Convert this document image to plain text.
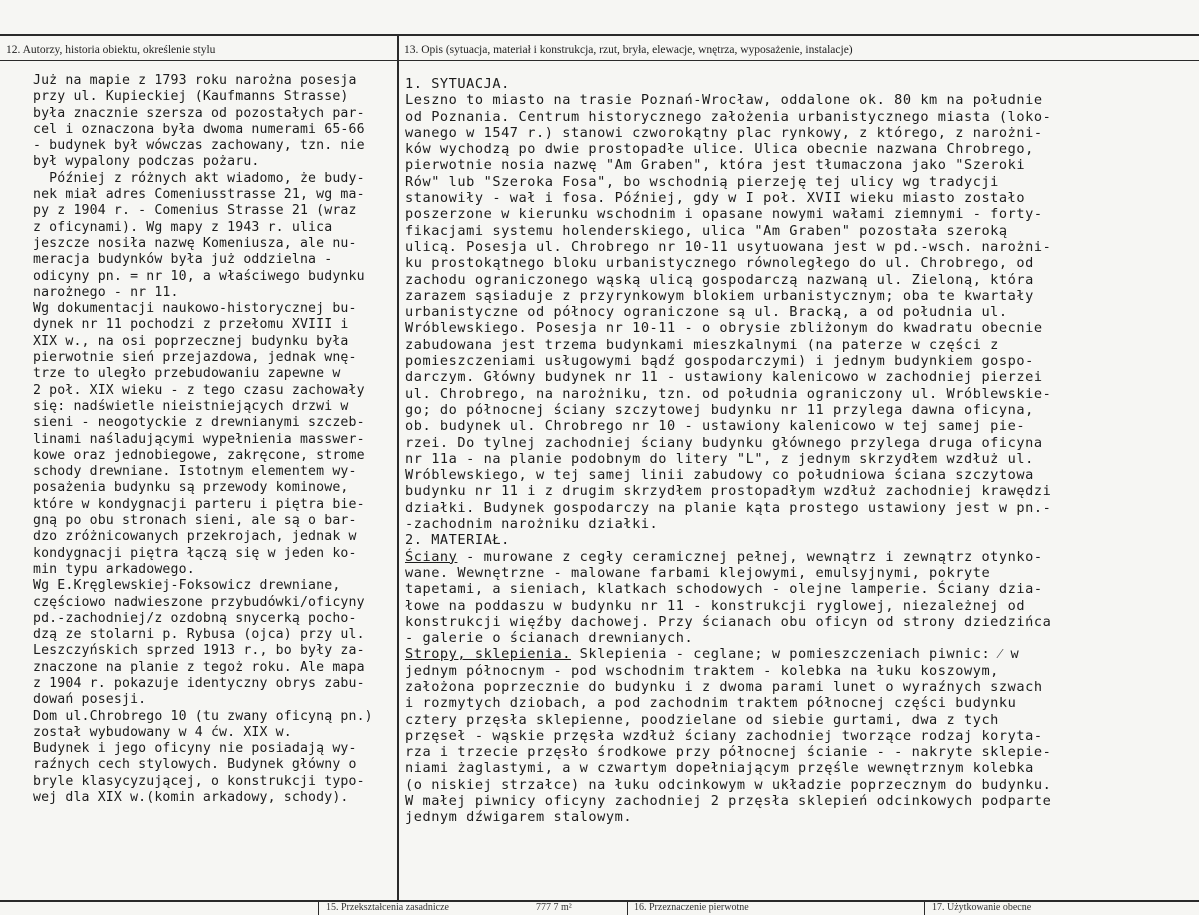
12. Autorzy, historia obiektu, określenie stylu	13. Opis (sytuacja, materiał i konstrukcja, rzut, bryła, elewacje, wnętrza, wyposażenie, instalacje)
Już na mapie z 1793 roku narożna posesja
przy ul. Kupieckiej (Kaufmanns Strasse)
była znacznie szersza od pozostałych par-
cel i oznaczona była dwoma numerami 65-66
- budynek był wówczas zachowany, tzn. nie
był wypalony podczas pożaru.
Później z różnych akt wiadomo, że budy-
nek miał adres Comeniusstrasse 21, wg ma-
py z 1904 r. - Comenius Strasse 21 (wraz
z oficynami). Wg mapy z 1943 r. ulica
jeszcze nosiła nazwę Komeniusza, ale nu-
meracja budynków była już oddzielna -
odicyny pn. = nr 10, a właściwego budynku
narożnego - nr 11.
Wg dokumentacji naukowo-historycznej bu-
dynek nr 11 pochodzi z przełomu XVIII i
XIX w., na osi poprzecznej budynku była
pierwotnie sień przejazdowa, jednak wnę-
trze to uległo przebudowaniu zapewne w
2 poł. XIX wieku - z tego czasu zachowały
się: nadświetle nieistniejących drzwi w
sieni - neogotyckie z drewnianymi szczeb-
linami naśladującymi wypełnienia masswer-
kowe oraz jednobiegowe, zakręcone, strome
schody drewniane. Istotnym elementem wy-
posażenia budynku są przewody kominowe,
które w kondygnacji parteru i piętra bie-
gną po obu stronach sieni, ale są o bar-
dzo zróżnicowanych przekrojach, jednak w
kondygnacji piętra łączą się w jeden ko-
min typu arkadowego.
Wg E.Kręglewskiej-Foksowicz drewniane,
częściowo nadwieszone przybudówki/oficyny
pd.-zachodniej/z ozdobną snycerką pocho-
dzą ze stolarni p. Rybusa (ojca) przy ul.
Leszczyńskich sprzed 1913 r., bo były za-
znaczone na planie z tegoż roku. Ale mapa
z 1904 r. pokazuje identyczny obrys zabu-
dowań posesji.
Dom ul.Chrobrego 10 (tu zwany oficyną pn.)
został wybudowany w 4 ćw. XIX w.
Budynek i jego oficyny nie posiadają wy-
raźnych cech stylowych. Budynek główny o
bryle klasycyzującej, o konstrukcji typo-
wej dla XIX w.(komin arkadowy, schody).
1. SYTUACJA.
Leszno to miasto na trasie Poznań-Wrocław, oddalone ok. 80 km na południe
od Poznania. Centrum historycznego założenia urbanistycznego miasta (loko-
wanego w 1547 r.) stanowi czworokątny plac rynkowy, z którego, z narożni-
ków wychodzą po dwie prostopadłe ulice. Ulica obecnie nazwana Chrobrego,
pierwotnie nosia nazwę "Am Graben", która jest tłumaczona jako "Szeroki
Rów" lub "Szeroka Fosa", bo wschodnią pierzeję tej ulicy wg tradycji
stanowiły - wał i fosa. Później, gdy w I poł. XVII wieku miasto zostało
poszerzone w kierunku wschodnim i opasane nowymi wałami ziemnymi - forty-
fikacjami systemu holenderskiego, ulica "Am Graben" pozostała szeroką
ulicą. Posesja ul. Chrobrego nr 10-11 usytuowana jest w pd.-wsch. narożni-
ku prostokątnego bloku urbanistycznego równoległego do ul. Chrobrego, od
zachodu ograniczonego wąską ulicą gospodarczą nazwaną ul. Zieloną, która
zarazem sąsiaduje z przyrynkowym blokiem urbanistycznym; oba te kwartały
urbanistyczne od północy ograniczone są ul. Bracką, a od południa ul.
Wróblewskiego. Posesja nr 10-11 - o obrysie zbliżonym do kwadratu obecnie
zabudowana jest trzema budynkami mieszkalnymi (na paterze w części z
pomieszczeniami usługowymi bądź gospodarczymi) i jednym budynkiem gospo-
darczym. Główny budynek nr 11 - ustawiony kalenicowo w zachodniej pierzei
ul. Chrobrego, na narożniku, tzn. od południa ograniczony ul. Wróblewskie-
go; do północnej ściany szczytowej budynku nr 11 przylega dawna oficyna,
ob. budynek ul. Chrobrego nr 10 - ustawiony kalenicowo w tej samej pie-
rzei. Do tylnej zachodniej ściany budynku głównego przylega druga oficyna
nr 11a - na planie podobnym do litery "L", z jednym skrzydłem wzdłuż ul.
Wróblewskiego, w tej samej linii zabudowy co południowa ściana szczytowa
budynku nr 11 i z drugim skrzydłem prostopadłym wzdłuż zachodniej krawędzi
działki. Budynek gospodarczy na planie kąta prostego ustawiony jest w pn.-
-zachodnim narożniku działki.
2. MATERIAŁ.
Ściany - murowane z cegły ceramicznej pełnej, wewnątrz i zewnątrz otynko-
wane. Wewnętrzne - malowane farbami klejowymi, emulsyjnymi, pokryte
tapetami, a sieniach, klatkach schodowych - olejne lamperie. Ściany dzia-
łowe na poddaszu w budynku nr 11 - konstrukcji ryglowej, niezależnej od
konstrukcji więźby dachowej. Przy ścianach obu oficyn od strony dziedzińca
- galerie o ścianach drewnianych.
Stropy, sklepienia. Sklepienia - ceglane; w pomieszczeniach piwnic: ⁄ w
jednym północnym - pod wschodnim traktem - kolebka na łuku koszowym,
założona poprzecznie do budynku i z dwoma parami lunet o wyraźnych szwach
i rozmytych dziobach, a pod zachodnim traktem północnej części budynku
cztery przęsła sklepienne, poodzielane od siebie gurtami, dwa z tych
przęseł - wąskie przęsła wzdłuż ściany zachodniej tworzące rodzaj koryta-
rza i trzecie przęsło środkowe przy północnej ścianie - - nakryte sklepie-
niami żaglastymi, a w czwartym dopełniającym przęśle wewnętrznym kolebka
(o niskiej strzałce) na łuku odcinkowym w układzie poprzecznym do budynku.
W małej piwnicy oficyny zachodniej 2 przęsła sklepień odcinkowych podparte
jednym dźwigarem stalowym.
15. Przekształcenia zasadnicze	777 7 m²	16. Przeznaczenie pierwotne	17. Użytkowanie obecne
